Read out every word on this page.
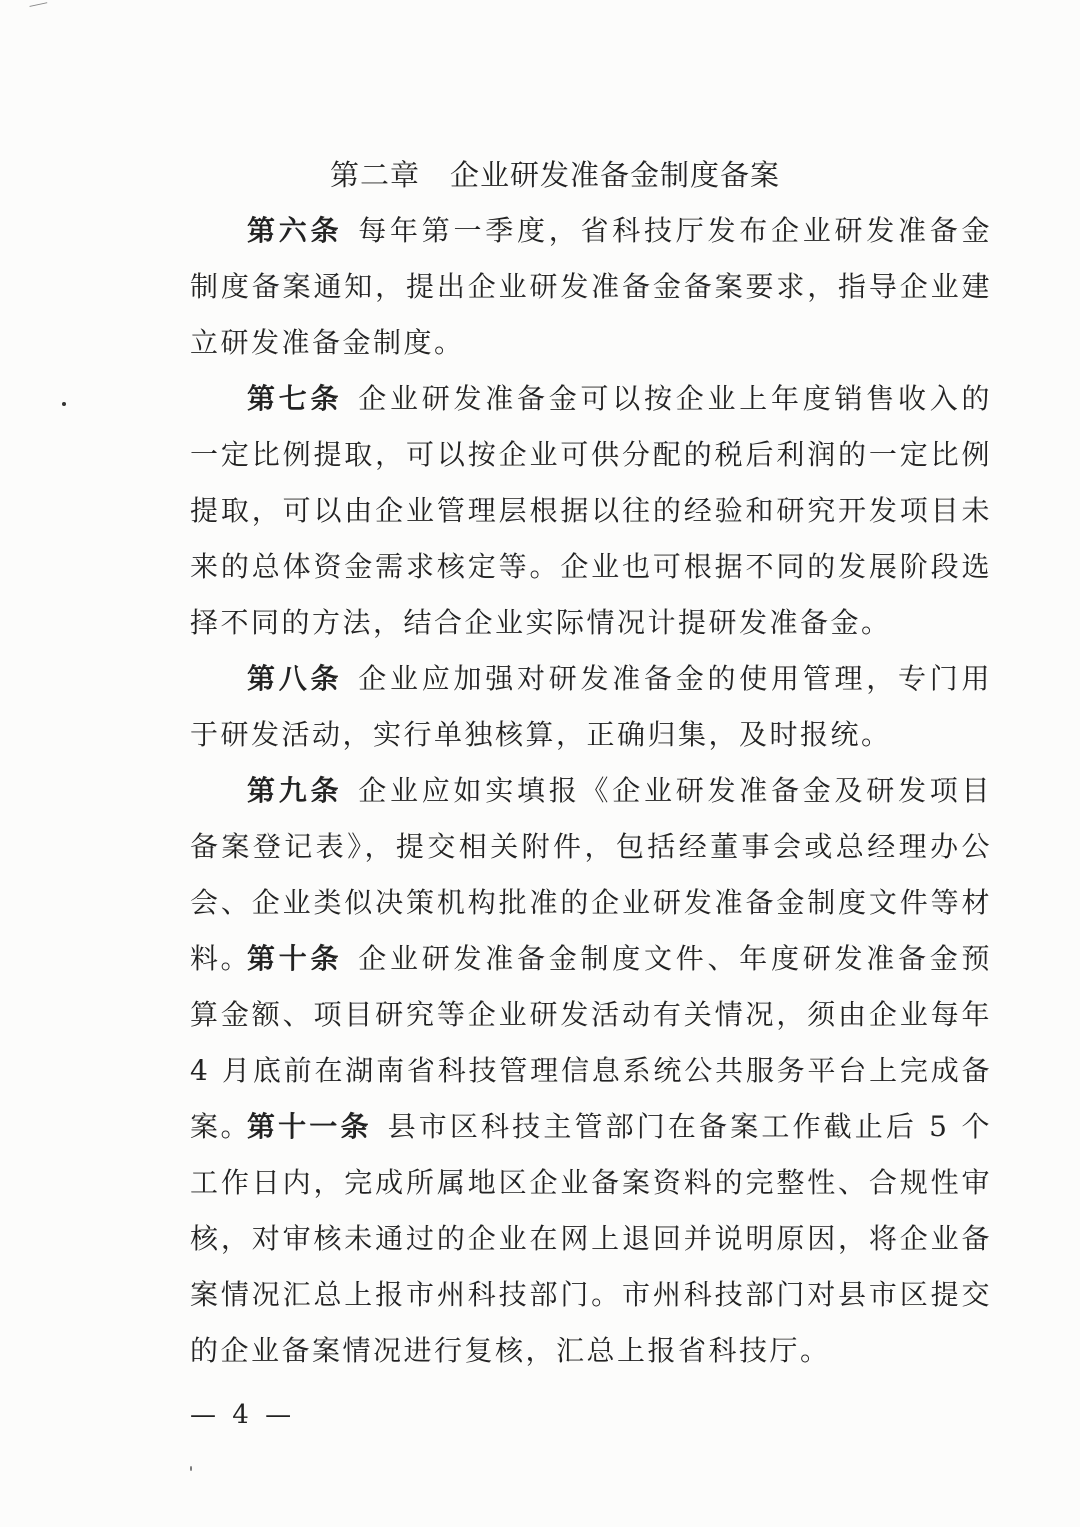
第二章　企业研发准备金制度备案

第六条 每年第一季度，省科技厅发布企业研发准备金制度备案通知，提出企业研发准备金备案要求，指导企业建立研发准备金制度。

第七条 企业研发准备金可以按企业上年度销售收入的一定比例提取，可以按企业可供分配的税后利润的一定比例提取，可以由企业管理层根据以往的经验和研究开发项目未来的总体资金需求核定等。企业也可根据不同的发展阶段选择不同的方法，结合企业实际情况计提研发准备金。

第八条 企业应加强对研发准备金的使用管理，专门用于研发活动，实行单独核算，正确归集，及时报统。

第九条 企业应如实填报《企业研发准备金及研发项目备案登记表》，提交相关附件，包括经董事会或总经理办公会、企业类似决策机构批准的企业研发准备金制度文件等材料。

第十条 企业研发准备金制度文件、年度研发准备金预算金额、项目研究等企业研发活动有关情况，须由企业每年 4 月底前在湖南省科技管理信息系统公共服务平台上完成备案。

第十一条 县市区科技主管部门在备案工作截止后 5 个工作日内，完成所属地区企业备案资料的完整性、合规性审核，对审核未通过的企业在网上退回并说明原因，将企业备案情况汇总上报市州科技部门。市州科技部门对县市区提交的企业备案情况进行复核，汇总上报省科技厅。

— 4 —
